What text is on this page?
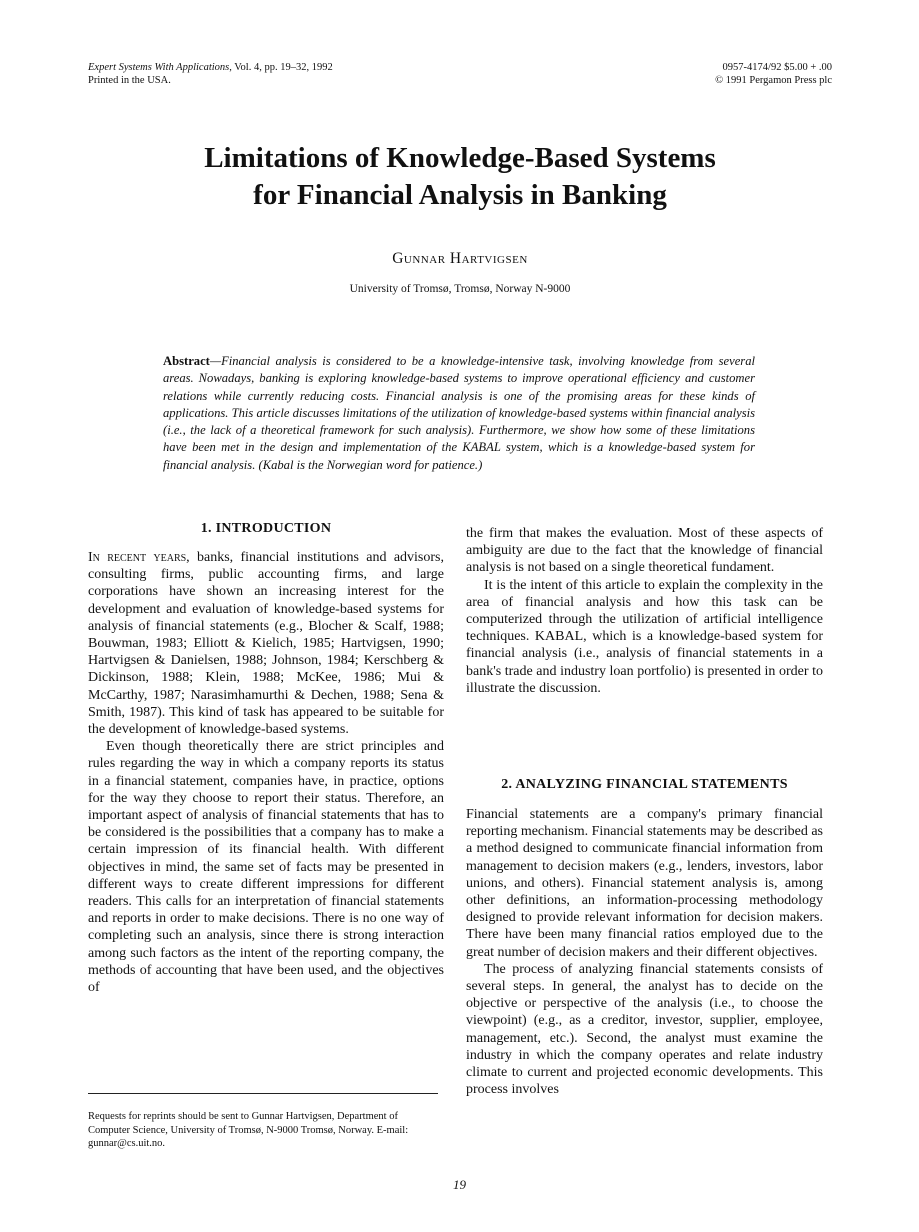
Expert Systems With Applications, Vol. 4, pp. 19–32, 1992
Printed in the USA.
0957-4174/92 $5.00 + .00
© 1991 Pergamon Press plc
Limitations of Knowledge-Based Systems
for Financial Analysis in Banking
Gunnar Hartvigsen
University of Tromsø, Tromsø, Norway N-9000
Abstract—Financial analysis is considered to be a knowledge-intensive task, involving knowledge from several areas. Nowadays, banking is exploring knowledge-based systems to improve operational efficiency and customer relations while currently reducing costs. Financial analysis is one of the promising areas for these kinds of applications. This article discusses limitations of the utilization of knowledge-based systems within financial analysis (i.e., the lack of a theoretical framework for such analysis). Furthermore, we show how some of these limitations have been met in the design and implementation of the KABAL system, which is a knowledge-based system for financial analysis. (Kabal is the Norwegian word for patience.)
1. INTRODUCTION

In recent years, banks, financial institutions and advisors, consulting firms, public accounting firms, and large corporations have shown an increasing interest for the development and evaluation of knowledge-based systems for analysis of financial statements (e.g., Blocher & Scalf, 1988; Bouwman, 1983; Elliott & Kielich, 1985; Hartvigsen, 1990; Hartvigsen & Danielsen, 1988; Johnson, 1984; Kerschberg & Dickinson, 1988; Klein, 1988; McKee, 1986; Mui & McCarthy, 1987; Narasimhamurthi & Dechen, 1988; Sena & Smith, 1987). This kind of task has appeared to be suitable for the development of knowledge-based systems.

Even though theoretically there are strict principles and rules regarding the way in which a company reports its status in a financial statement, companies have, in practice, options for the way they choose to report their status. Therefore, an important aspect of analysis of financial statements that has to be considered is the possibilities that a company has to make a certain impression of its financial health. With different objectives in mind, the same set of facts may be presented in different ways to create different impressions for different readers. This calls for an interpretation of financial statements and reports in order to make decisions. There is no one way of completing such an analysis, since there is strong interaction among such factors as the intent of the reporting company, the methods of accounting that have been used, and the objectives of

the firm that makes the evaluation. Most of these aspects of ambiguity are due to the fact that the knowledge of financial analysis is not based on a single theoretical fundament.

It is the intent of this article to explain the complexity in the area of financial analysis and how this task can be computerized through the utilization of artificial intelligence techniques. KABAL, which is a knowledge-based system for financial analysis (i.e., analysis of financial statements in a bank's trade and industry loan portfolio) is presented in order to illustrate the discussion.

2. ANALYZING FINANCIAL STATEMENTS

Financial statements are a company's primary financial reporting mechanism. Financial statements may be described as a method designed to communicate financial information from management to decision makers (e.g., lenders, investors, labor unions, and others). Financial statement analysis is, among other definitions, an information-processing methodology designed to provide relevant information for decision makers. There have been many financial ratios employed due to the great number of decision makers and their different objectives.

The process of analyzing financial statements consists of several steps. In general, the analyst has to decide on the objective or perspective of the analysis (i.e., to choose the viewpoint) (e.g., as a creditor, investor, supplier, employee, management, etc.). Second, the analyst must examine the industry in which the company operates and relate industry climate to current and projected economic developments. This process involves

Requests for reprints should be sent to Gunnar Hartvigsen, Department of Computer Science, University of Tromsø, N-9000 Tromsø, Norway. E-mail: gunnar@cs.uit.no.
19
